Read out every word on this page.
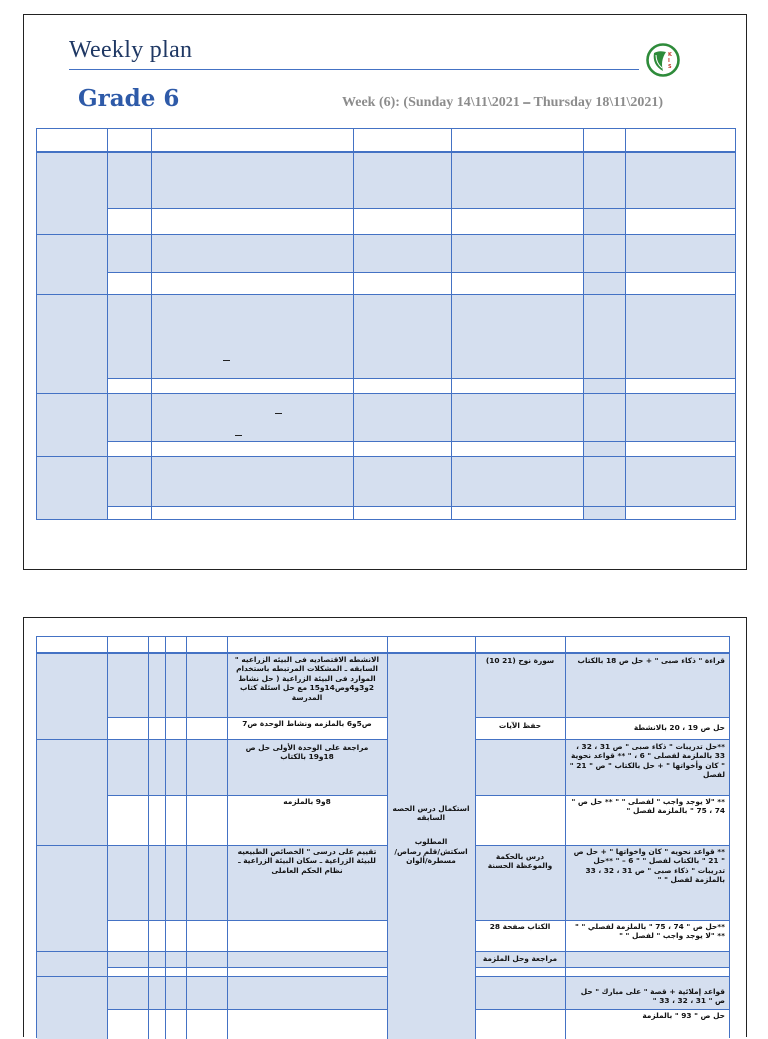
Weekly plan	K
I
S
Grade 6	Week (6): (Sunday 14\11\2021 – Thursday 18\11\2021)
الانشطه الاقتصاديه فى البيئه الزراعيه " السابقه ـ المشكلات المرتبطه باستخدام الموارد فى البيئة الزراعية ( حل نشاط 2و3و4وص14و15 مع حل اسئلة كتاب المدرسة
ص5و6 بالملزمه ونشاط الوحدة ص7
مراجعة على الوحدة الأولى حل ص 18و19 بالكتاب
8و9 بالملزمه
تقييم على درسى " الخصائص الطبيعيه للبيئة الزراعية ـ سكان البيئة الزراعية ـ نظام الحكم العاملى
استكمال درس الحصه السابقه
المطلوب
اسكتش/قلم رصاص/مسطرة/ألوان
سورة نوح (21 10)
حفظ الآيات
درس بالحكمة والموعظة الحسنة
الكتاب صفحة 28
مراجعة وحل الملزمة
قراءة " ذكاء صبى " + حل ص 18 بالكتاب
حل ص 19 ، 20 بالانشطة
**حل تدريبات " ذكاء صبى " ص 31 ، 32 ، 33 بالملزمة لفصلى " 6 ، " ** قواعد نحوية " كان وأخواتها " + حل بالكتاب " ص " 21 " لفصل
** "لا يوجد واجب " لفصلى " " ** حل ص " 74 ، 75 " بالملزمة لفصل "
** قواعد نحويه " كان واخواتها " + حل ص " 21 " بالكتاب لفصل " " 6 – " **حل تدريبات " ذكاء صبى " ص 31 ، 32 ، 33 بالملزمة لفصل " "
**حل ص " 74 ، 75 " بالملزمة لفصلي " " ** "لا يوجد واجب " لفصل " "
قواعد إملائية + قصة " على مبارك " حل ص " 31 ، 32 ، 33 "
حل ص " 93 " بالملزمة
